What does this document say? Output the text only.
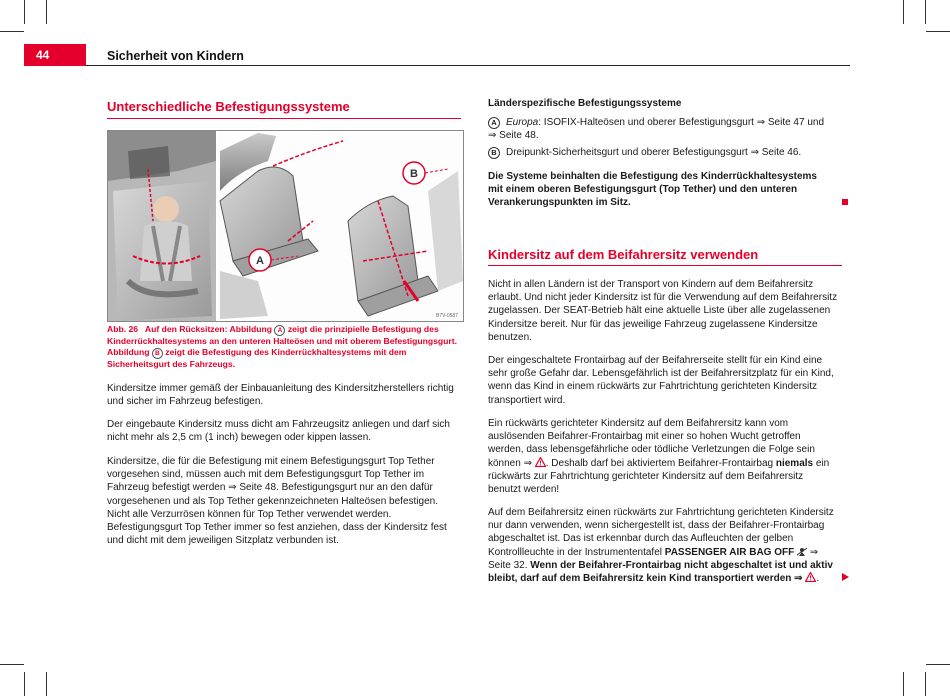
44	Sicherheit von Kindern
Unterschiedliche Befestigungssysteme
A
B
B7V-0587

Abb. 26 Auf den Rücksitzen: Abbildung A zeigt die prinzipielle Befestigung des Kinderrückhaltesystems an den unteren Halteösen und mit oberem Befestigungsgurt. Abbildung B zeigt die Befestigung des Kinderrückhaltesystems mit dem Sicherheitsgurt des Fahrzeugs.

Kindersitze immer gemäß der Einbauanleitung des Kindersitzherstellers richtig und sicher im Fahrzeug befestigen.

Der eingebaute Kindersitz muss dicht am Fahrzeugsitz anliegen und darf sich nicht mehr als 2,5 cm (1 inch) bewegen oder kippen lassen.

Kindersitze, die für die Befestigung mit einem Befestigungsgurt Top Tether vorgesehen sind, müssen auch mit dem Befestigungsgurt Top Tether im Fahrzeug befestigt werden ⇒ Seite 48. Befestigungsgurt nur an den dafür vorgesehenen und als Top Tether gekennzeichneten Halteösen befestigen. Nicht alle Verzurrösen können für Top Tether verwendet werden. Befestigungsgurt Top Tether immer so fest anziehen, dass der Kindersitz fest und dicht mit dem jeweiligen Sitzplatz verbunden ist.

Länderspezifische Befestigungssysteme
A Europa: ISOFIX-Halteösen und oberer Befestigungsgurt ⇒ Seite 47 und ⇒ Seite 48.
B Dreipunkt-Sicherheitsgurt und oberer Befestigungsgurt ⇒ Seite 46.

Die Systeme beinhalten die Befestigung des Kinderrückhaltesystems mit einem oberen Befestigungsgurt (Top Tether) und den unteren Verankerungspunkten im Sitz.

Kindersitz auf dem Beifahrersitz verwenden

Nicht in allen Ländern ist der Transport von Kindern auf dem Beifahrersitz erlaubt. Und nicht jeder Kindersitz ist für die Verwendung auf dem Beifahrersitz zugelassen. Der SEAT-Betrieb hält eine aktuelle Liste über alle zugelassenen Kindersitze bereit. Nur für das jeweilige Fahrzeug zugelassene Kindersitze benutzen.

Der eingeschaltete Frontairbag auf der Beifahrerseite stellt für ein Kind eine sehr große Gefahr dar. Lebensgefährlich ist der Beifahrersitzplatz für ein Kind, wenn das Kind in einem rückwärts zur Fahrtrichtung gerichteten Kindersitz transportiert wird.

Ein rückwärts gerichteter Kindersitz auf dem Beifahrersitz kann vom auslösenden Beifahrer-Frontairbag mit einer so hohen Wucht getroffen werden, dass lebensgefährliche oder tödliche Verletzungen die Folge sein können ⇒ . Deshalb darf bei aktiviertem Beifahrer-Frontairbag niemals ein rückwärts zur Fahrtrichtung gerichteter Kindersitz auf dem Beifahrersitz benutzt werden!

Auf dem Beifahrersitz einen rückwärts zur Fahrtrichtung gerichteten Kindersitz nur dann verwenden, wenn sichergestellt ist, dass der Beifahrer-Frontairbag abgeschaltet ist. Das ist erkennbar durch das Aufleuchten der gelben Kontrollleuchte in der Instrumententafel PASSENGER AIR BAG OFF ⇒ Seite 32. Wenn der Beifahrer-Frontairbag nicht abgeschaltet ist und aktiv bleibt, darf auf dem Beifahrersitz kein Kind transportiert werden ⇒ .
